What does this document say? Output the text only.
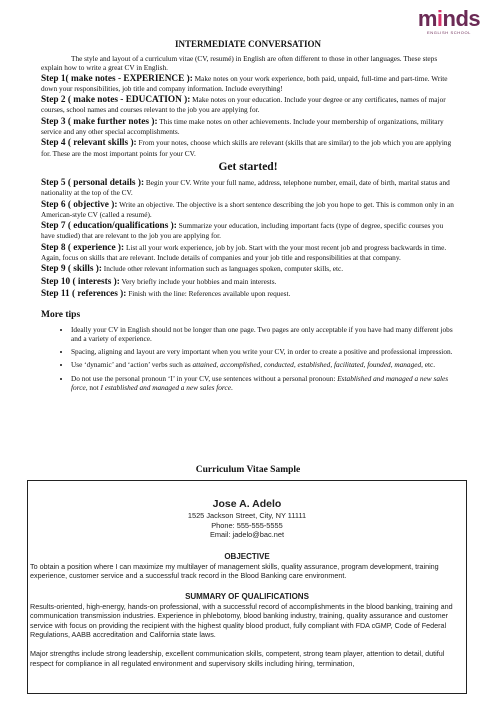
minds
ENGLISH SCHOOL
INTERMEDIATE CONVERSATION

The style and layout of a curriculum vitae (CV, resumé) in English are often different to those in other languages. These steps explain how to write a great CV in English.

Step 1( make notes - EXPERIENCE ): Make notes on your work experience, both paid, unpaid, full-time and part-time. Write down your responsibilities, job title and company information. Include everything!

Step 2 ( make notes - EDUCATION ): Make notes on your education. Include your degree or any certificates, names of major courses, school names and courses relevant to the job you are applying for.

Step 3 ( make further notes ): This time make notes on other achievements. Include your membership of organizations, military service and any other special accomplishments.

Step 4 ( relevant skills ): From your notes, choose which skills are relevant (skills that are similar) to the job which you are applying for. These are the most important points for your CV.

Get started!

Step 5 ( personal details ): Begin your CV. Write your full name, address, telephone number, email, date of birth, marital status and nationality at the top of the CV.

Step 6 ( objective ): Write an objective. The objective is a short sentence describing the job you hope to get. This is common only in an American-style CV (called a resumé).

Step 7 ( education/qualifications ): Summarize your education, including important facts (type of degree, specific courses you have studied) that are relevant to the job you are applying for.

Step 8 ( experience ): List all your work experience, job by job. Start with the your most recent job and progress backwards in time. Again, focus on skills that are relevant. Include details of companies and your job title and responsibilities at that company.

Step 9 ( skills ): Include other relevant information such as languages spoken, computer skills, etc.

Step 10 ( interests ): Very briefly include your hobbies and main interests.

Step 11 ( references ): Finish with the line: References available upon request.

More tips
• Ideally your CV in English should not be longer than one page. Two pages are only acceptable if you have had many different jobs and a variety of experience.
• Spacing, aligning and layout are very important when you write your CV, in order to create a positive and professional impression.
• Use ‘dynamic’ and ‘action’ verbs such as attained, accomplished, conducted, established, facilitated, founded, managed, etc.
• Do not use the personal pronoun ‘I’ in your CV, use sentences without a personal pronoun: Established and managed a new sales force, not I established and managed a new sales force.
Curriculum Vitae Sample
Jose A. Adelo
1525 Jackson Street, City, NY 11111
Phone: 555-555-5555
Email: jadelo@bac.net
OBJECTIVE

To obtain a position where I can maximize my multilayer of management skills, quality assurance, program development, training experience, customer service and a successful track record in the Blood Banking care environment.

SUMMARY OF QUALIFICATIONS

Results-oriented, high-energy, hands-on professional, with a successful record of accomplishments in the blood banking, training and communication transmission industries. Experience in phlebotomy, blood banking industry, training, quality assurance and customer service with focus on providing the recipient with the highest quality blood product, fully compliant with FDA cGMP, Code of Federal Regulations, AABB accreditation and California state laws.

Major strengths include strong leadership, excellent communication skills, competent, strong team player, attention to detail, dutiful respect for compliance in all regulated environment and supervisory skills including hiring, termination,
